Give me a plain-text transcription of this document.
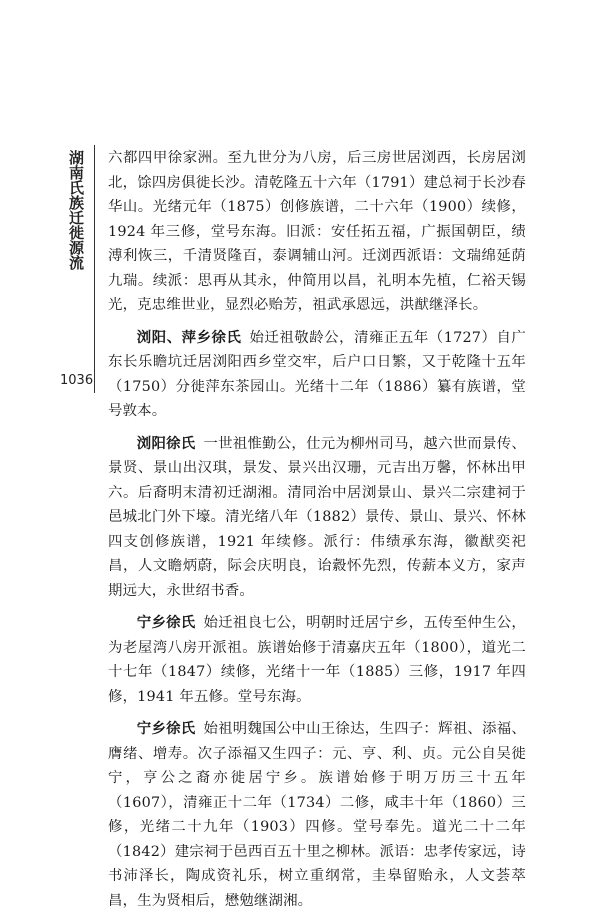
湖南氏族迁徙源流
1036

六都四甲徐家洲。至九世分为八房，后三房世居浏西，长房居浏北，馀四房俱徙长沙。清乾隆五十六年（1791）建总祠于长沙春华山。光绪元年（1875）创修族谱，二十六年（1900）续修，1924 年三修，堂号东海。旧派：安任拓五福，广振国朝臣，绩溥利恢三，千清贤隆百，泰调辅山河。迁浏西派语：文瑞绵延荫九瑞。续派：思再从其永，仲简用以昌，礼明本先植，仁裕天锡光，克忠维世业，显烈必贻芳，祖武承恩远，洪猷继泽长。

浏阳、萍乡徐氏 始迁祖敬龄公，清雍正五年（1727）自广东长乐瞻坑迁居浏阳西乡堂交牢，后户口日繁，又于乾隆十五年（1750）分徙萍东茶园山。光绪十二年（1886）纂有族谱，堂号敦本。

浏阳徐氏 一世祖惟勤公，仕元为柳州司马，越六世而景传、景贤、景山出汉琪，景发、景兴出汉珊，元吉出万馨，怀林出甲六。后裔明末清初迁湖湘。清同治中居浏景山、景兴二宗建祠于邑城北门外下壕。清光绪八年（1882）景传、景山、景兴、怀林四支创修族谱，1921 年续修。派行：伟绩承东海，徽猷奕祀昌，人文瞻炳蔚，际会庆明良，诒縠怀先烈，传薪本义方，家声期远大，永世绍书香。

宁乡徐氏 始迁祖良七公，明朝时迁居宁乡，五传至仲生公，为老屋湾八房开派祖。族谱始修于清嘉庆五年（1800），道光二十七年（1847）续修，光绪十一年（1885）三修，1917 年四修，1941 年五修。堂号东海。

宁乡徐氏 始祖明魏国公中山王徐达，生四子：辉祖、添福、膺绪、增寿。次子添福又生四子：元、亨、利、贞。元公自吴徙宁，亨公之裔亦徙居宁乡。族谱始修于明万历三十五年（1607），清雍正十二年（1734）二修，咸丰十年（1860）三修，光绪二十九年（1903）四修。堂号奉先。道光二十二年（1842）建宗祠于邑西百五十里之柳林。派语：忠孝传家远，诗书沛泽长，陶成资礼乐，树立重纲常，圭皋留贻永，人文荟萃昌，生为贤相后，懋勉继湖湘。
